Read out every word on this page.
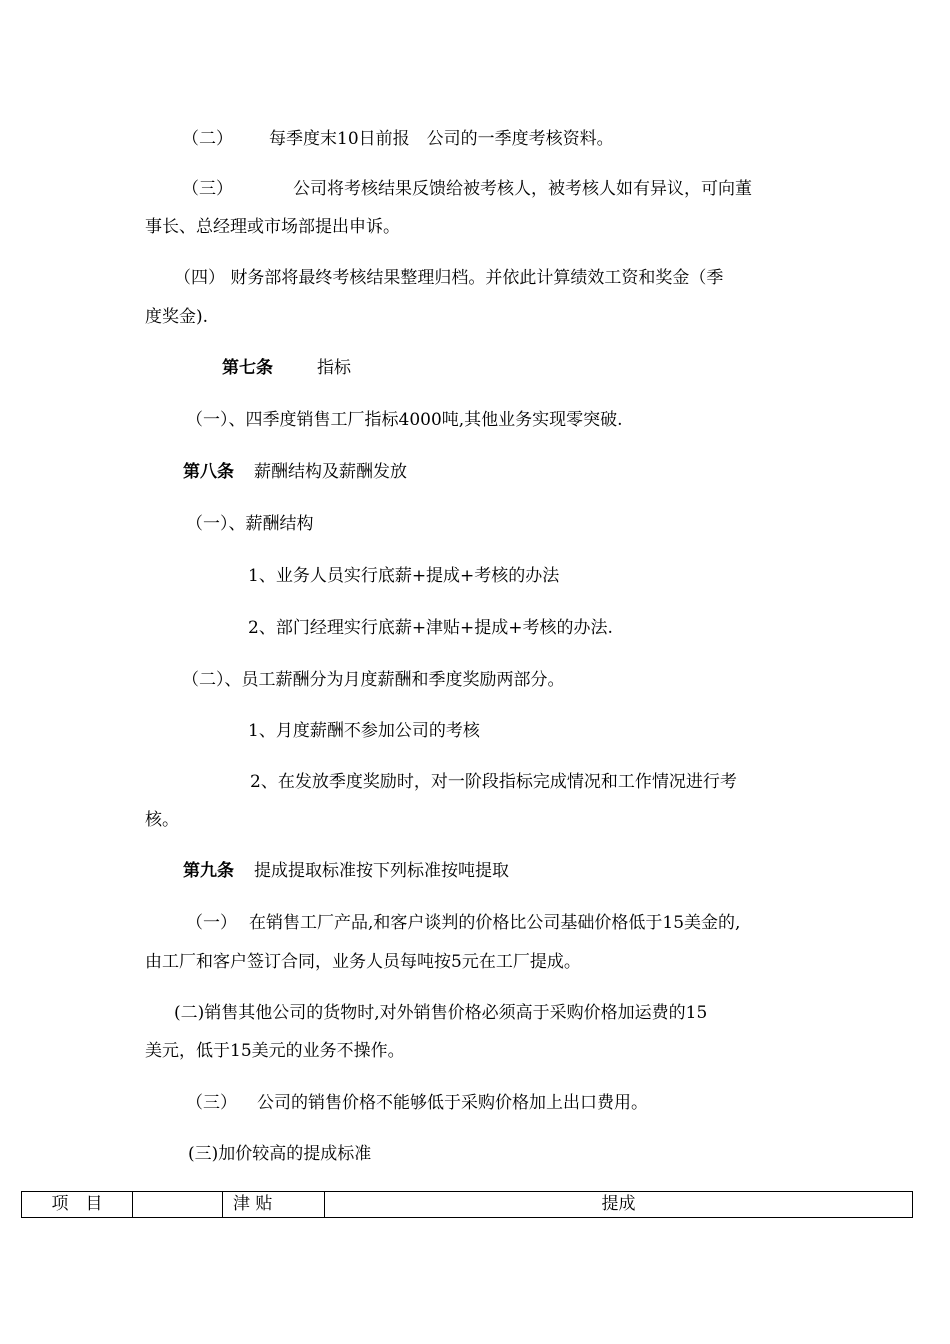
（二） 每季度末10日前报　公司的一季度考核资料。
（三）	公司将考核结果反馈给被考核人，被考核人如有异议，可向董
事长、总经理或市场部提出申诉。
（四） 财务部将最终考核结果整理归档。并依此计算绩效工资和奖金（季
度奖金).
第七条	指标
（一）、四季度销售工厂指标4000吨,其他业务实现零突破.
第八条 薪酬结构及薪酬发放
（一）、薪酬结构
1、业务人员实行底薪+提成+考核的办法
2、部门经理实行底薪+津贴+提成+考核的办法.
（二）、员工薪酬分为月度薪酬和季度奖励两部分。
1、月度薪酬不参加公司的考核
2、在发放季度奖励时，对一阶段指标完成情况和工作情况进行考
核。
第九条 提成提取标准按下列标准按吨提取
（一） 在销售工厂产品,和客户谈判的价格比公司基础价格低于15美金的,
由工厂和客户签订合同，业务人员每吨按5元在工厂提成。
(二)销售其他公司的货物时,对外销售价格必须高于采购价格加运费的15
美元，低于15美元的业务不操作。
（三） 公司的销售价格不能够低于采购价格加上出口费用。
(三)加价较高的提成标准
项　目		津 贴	提成
